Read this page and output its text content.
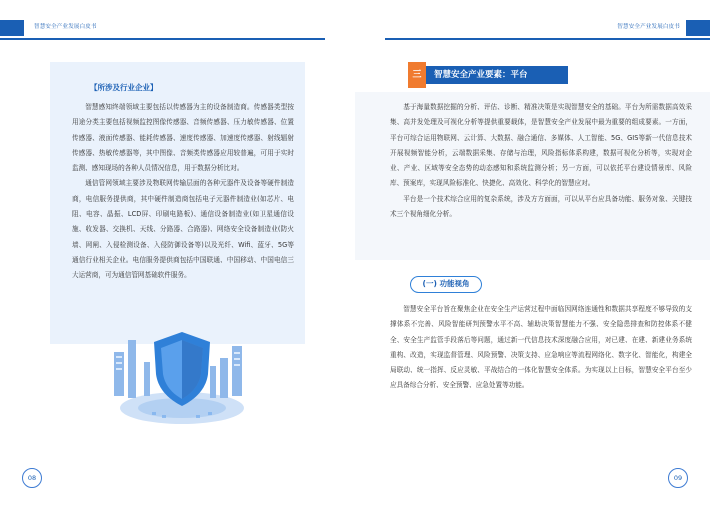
智慧安全产业发展白皮书
【所涉及行业企业】

智慧感知终端领域主要包括以传感器为主的设备制造商。传感器类型按用途分类主要包括视频监控图像传感器、音频传感器、压力敏传感器、位置传感器、液面传感器、能耗传感器、速度传感器、加速度传感器、射线辐射传感器、热敏传感器等，其中图像、音频类传感器应用较普遍，可用于实时监测、感知现场的各种人员情况信息，用于数据分析比对。

通信管网领域主要涉及物联网传输层面的各种元器件及设备等硬件制造商，电信服务提供商，其中硬件制造商包括电子元器件制造业(如芯片、电阻、电容、晶振、LCD屏、印刷电路板)、通信设备制造业(如卫星通信设施、收发器、交换机、天线、分路器、合路器)、网络安全设备制造业(防火墙、网闸、入侵检测设备、入侵防御设备等)以及光纤、Wifi、蓝牙、5G等通信行业相关企业。电信服务提供商包括中国联通、中国移动、中国电信三大运营商，可为通信管网基础软件服务。

08
智慧安全产业发展白皮书
三	智慧安全产业要素：平台

基于海量数据挖掘的分析、评估、诊断、精准决策是实现智慧安全的基础。平台为所需数据高效采集、高并发处理及可视化分析等提供重要载体，是智慧安全产业发展中最为重要的组成要素。一方面，平台可综合运用物联网、云计算、大数据、融合通信、多媒体、人工智能、5G、GIS等新一代信息技术开展视频智能分析，云端数据采集、存储与治理，风险指标体系构建，数据可视化分析等，实现对企业、产业、区域等安全态势的动态感知和系统监测分析；另一方面，可以依托平台建设情景库、风险库、预案库，实现风险标准化、快捷化、高效化、科学化的智慧应对。

平台是一个技术综合应用的复杂系统，涉及方方面面，可以从平台应具备功能、服务对象、关键技术三个视角细化分析。

(一) 功能视角

智慧安全平台旨在聚焦企业在安全生产运营过程中面临因网络连通性和数据共享程度不够导致的支撑体系不完善、风险智能研判预警水平不高、辅助决策智慧能力不强、安全隐患排查和防控体系不健全、安全生产监管手段落后等问题，通过新一代信息技术深度融合应用，对已建、在建、新建业务系统重构、改造，实现监督管理、风险预警、决策支持、应急响应等流程网络化、数字化、智能化，构建全局联动、统一指挥、反应灵敏、平战结合的一体化智慧安全体系。为实现以上目标，智慧安全平台至少应具备综合分析、安全预警、应急处置等功能。

09
